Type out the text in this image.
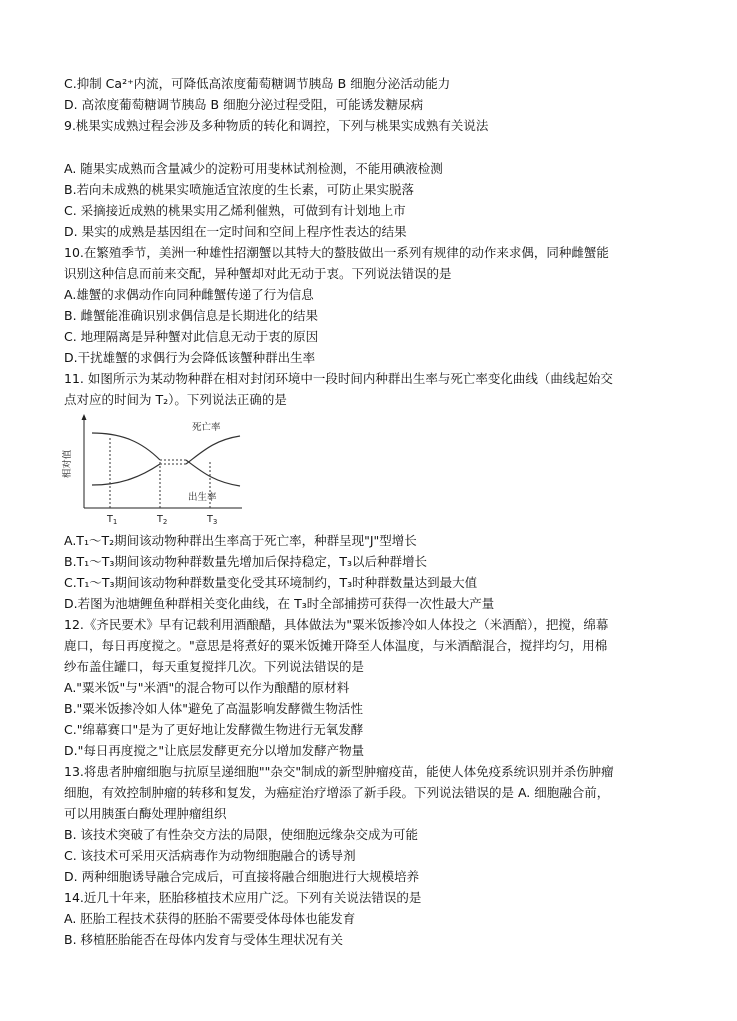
C.抑制 Ca²⁺内流，可降低高浓度葡萄糖调节胰岛 B 细胞分泌活动能力
D. 高浓度葡萄糖调节胰岛 B 细胞分泌过程受阻，可能诱发糖尿病
9.桃果实成熟过程会涉及多种物质的转化和调控，下列与桃果实成熟有关说法
A. 随果实成熟而含量减少的淀粉可用斐林试剂检测，不能用碘液检测
B.若向未成熟的桃果实喷施适宜浓度的生长素，可防止果实脱落
C. 采摘接近成熟的桃果实用乙烯利催熟，可做到有计划地上市
D. 果实的成熟是基因组在一定时间和空间上程序性表达的结果
10.在繁殖季节，美洲一种雄性招潮蟹以其特大的螯肢做出一系列有规律的动作来求偶，同种雌蟹能
识别这种信息而前来交配，异种蟹却对此无动于衷。下列说法错误的是
A.雄蟹的求偶动作向同种雌蟹传递了行为信息
B. 雌蟹能准确识别求偶信息是长期进化的结果
C. 地理隔离是异种蟹对此信息无动于衷的原因
D.干扰雄蟹的求偶行为会降低该蟹种群出生率
11. 如图所示为某动物种群在相对封闭环境中一段时间内种群出生率与死亡率变化曲线（曲线起始交
点对应的时间为 T₂）。下列说法正确的是
相对值
死亡率
出生率
$T_1$	$T_2$	$T_3$
A.T₁～T₂期间该动物种群出生率高于死亡率，种群呈现"J"型增长
B.T₁～T₃期间该动物种群数量先增加后保持稳定，T₃以后种群增长
C.T₁～T₃期间该动物种群数量变化受其环境制约，T₃时种群数量达到最大值
D.若图为池塘鲤鱼种群相关变化曲线，在 T₃时全部捕捞可获得一次性最大产量
12.《齐民要术》早有记载利用酒酿醋，具体做法为"粟米饭掺冷如人体投之（米酒醅），把搅，绵幕
鹿口，每日再度搅之。"意思是将煮好的粟米饭摊开降至人体温度，与米酒醅混合，搅拌均匀，用棉
纱布盖住罐口，每天重复搅拌几次。下列说法错误的是
A."粟米饭"与"米酒"的混合物可以作为酿醋的原材料
B."粟米饭掺冷如人体"避免了高温影响发酵微生物活性
C."绵幕赛口"是为了更好地让发酵微生物进行无氧发酵
D."每日再度搅之"让底层发酵更充分以增加发酵产物量
13.将患者肿瘤细胞与抗原呈递细胞""杂交"制成的新型肿瘤疫苗，能使人体免疫系统识别并杀伤肿瘤
细胞，有效控制肿瘤的转移和复发，为癌症治疗增添了新手段。下列说法错误的是 A. 细胞融合前，
可以用胰蛋白酶处理肿瘤组织
B. 该技术突破了有性杂交方法的局限，使细胞远缘杂交成为可能
C. 该技术可采用灭活病毒作为动物细胞融合的诱导剂
D. 两种细胞诱导融合完成后，可直接将融合细胞进行大规模培养
14.近几十年来，胚胎移植技术应用广泛。下列有关说法错误的是
A. 胚胎工程技术获得的胚胎不需要受体母体也能发育
B. 移植胚胎能否在母体内发育与受体生理状况有关
